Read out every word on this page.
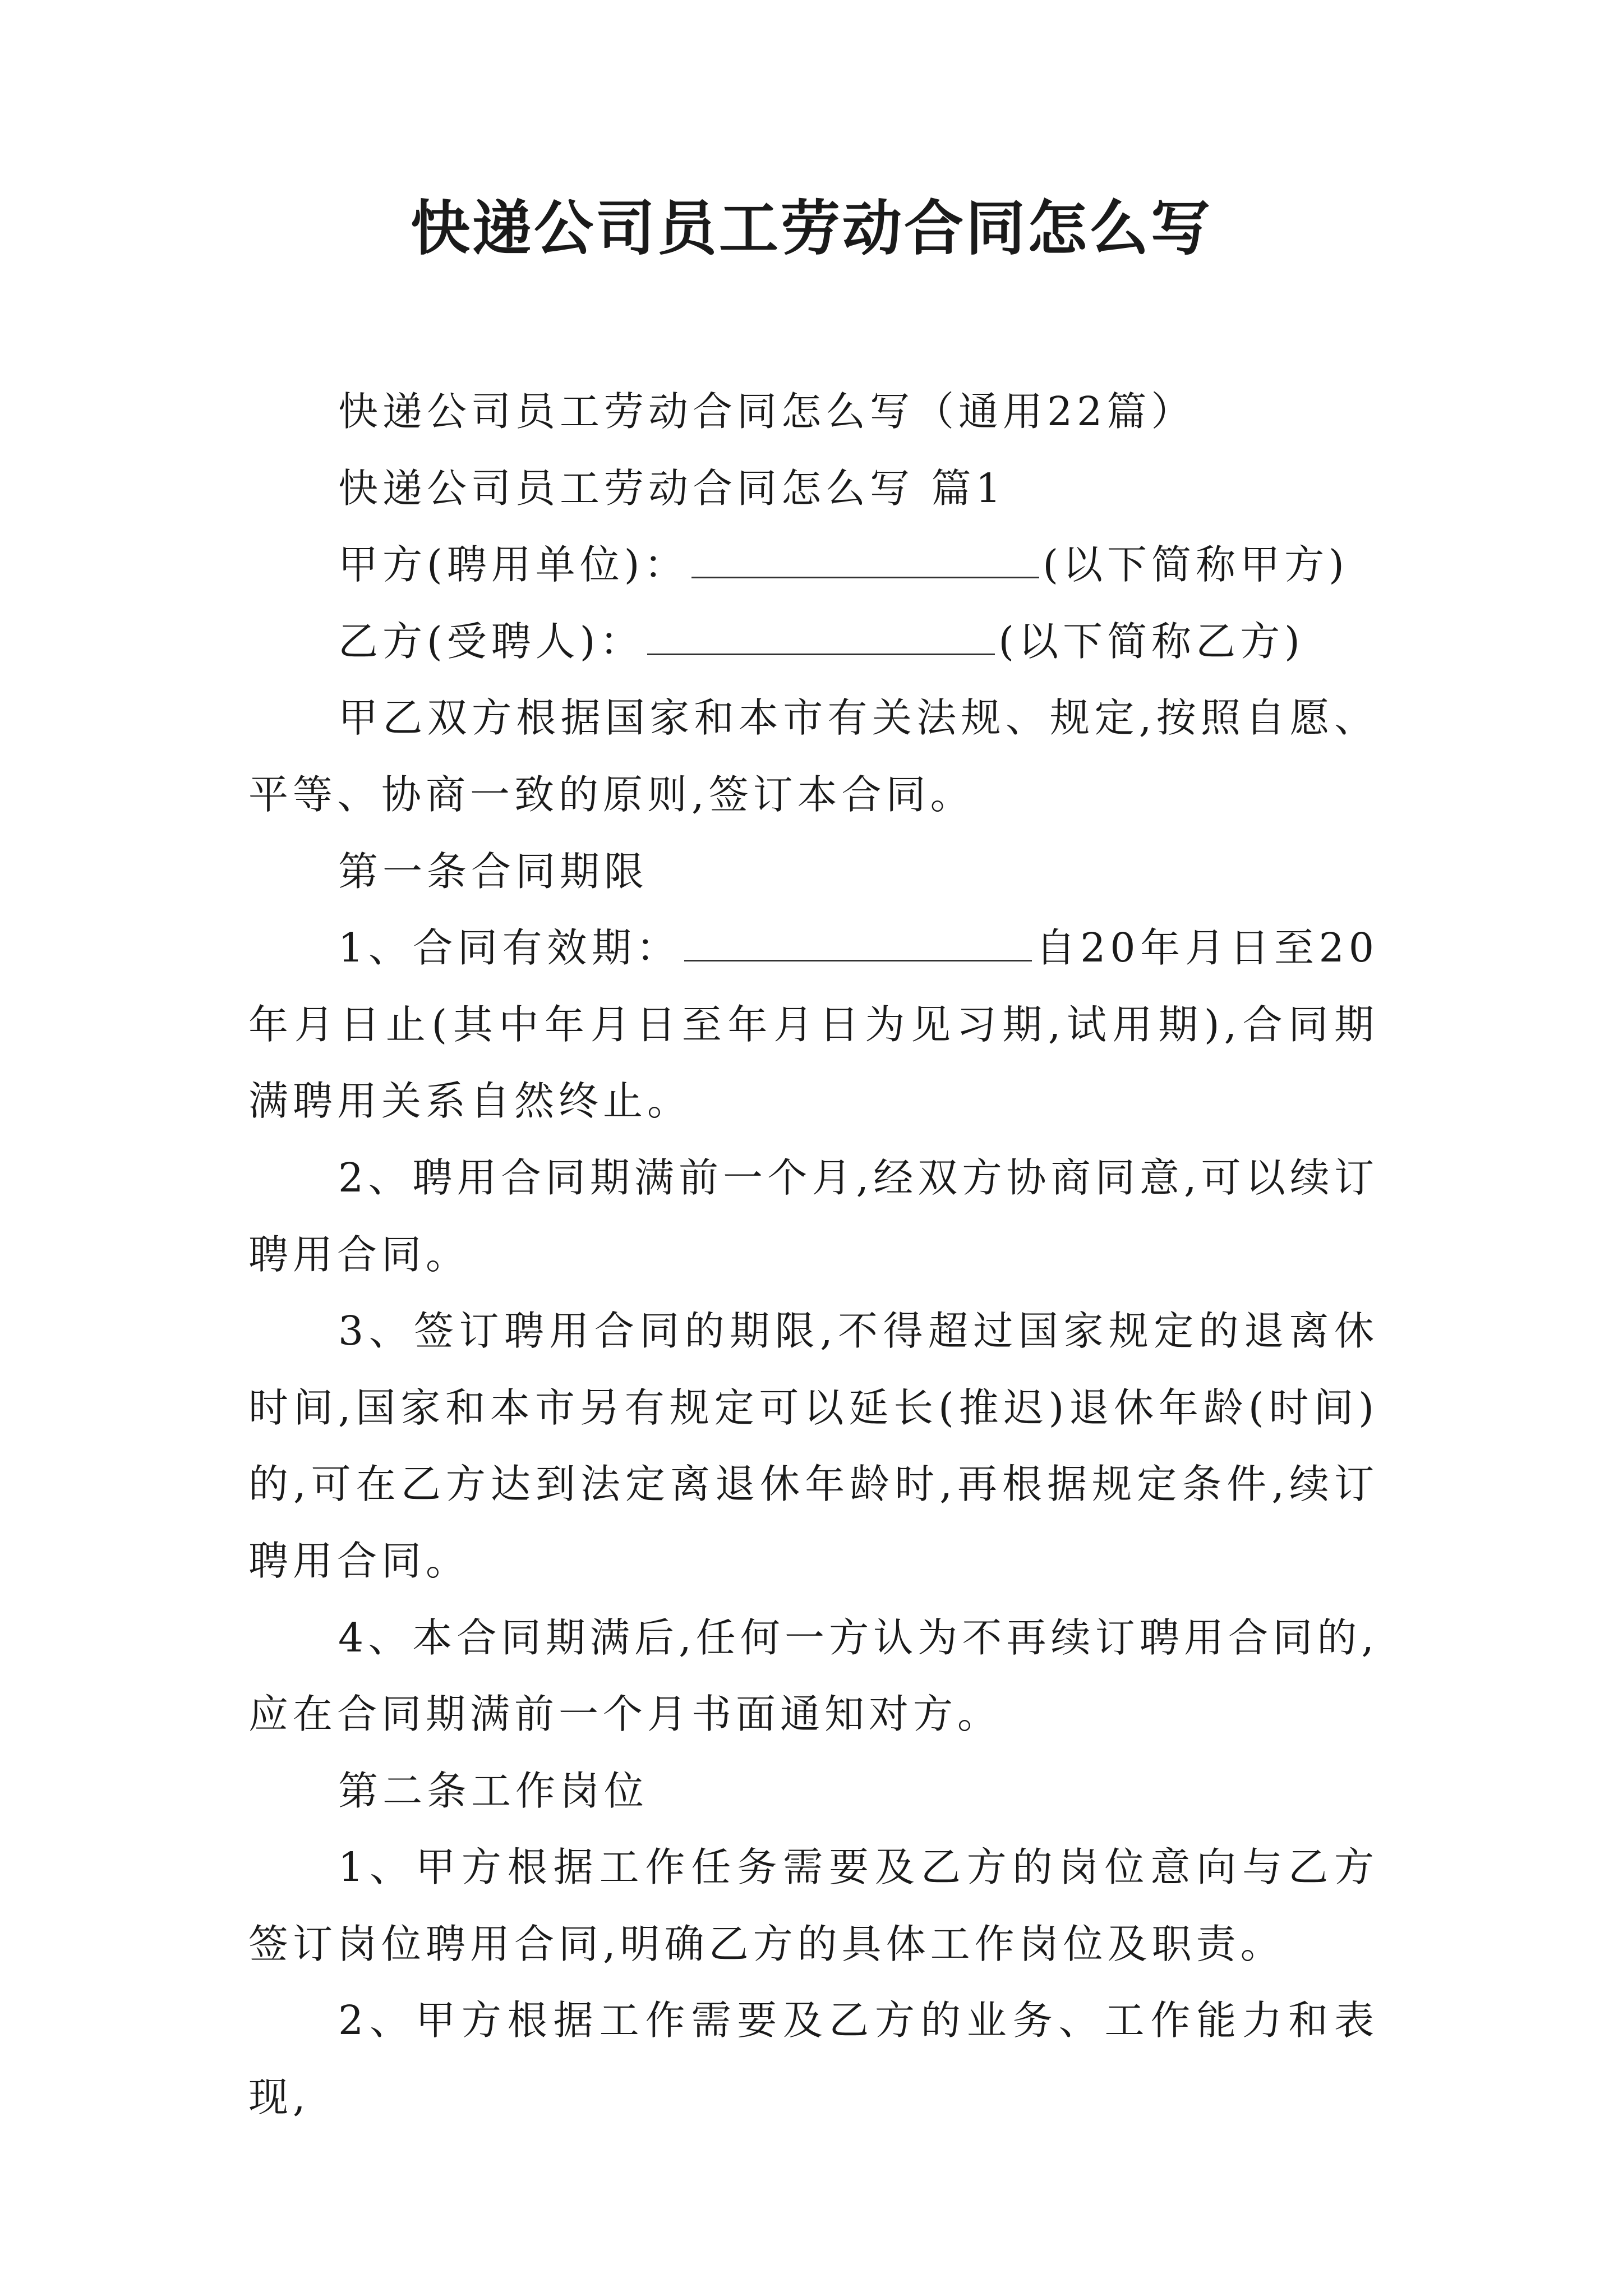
快递公司员工劳动合同怎么写

快递公司员工劳动合同怎么写（通用22篇）

快递公司员工劳动合同怎么写 篇1

甲方(聘用单位)：	(以下简称甲方)

乙方(受聘人)：	(以下简称乙方)

甲乙双方根据国家和本市有关法规、规定,按照自愿、平等、协商一致的原则,签订本合同。

第一条合同期限

1、合同有效期：	自20年月日至20年月日止(其中年月日至年月日为见习期,试用期),合同期满聘用关系自然终止。

2、聘用合同期满前一个月,经双方协商同意,可以续订聘用合同。

3、签订聘用合同的期限,不得超过国家规定的退离休时间,国家和本市另有规定可以延长(推迟)退休年龄(时间)的,可在乙方达到法定离退休年龄时,再根据规定条件,续订聘用合同。

4、本合同期满后,任何一方认为不再续订聘用合同的,应在合同期满前一个月书面通知对方。

第二条工作岗位

1、甲方根据工作任务需要及乙方的岗位意向与乙方签订岗位聘用合同,明确乙方的具体工作岗位及职责。

2、甲方根据工作需要及乙方的业务、工作能力和表现,
